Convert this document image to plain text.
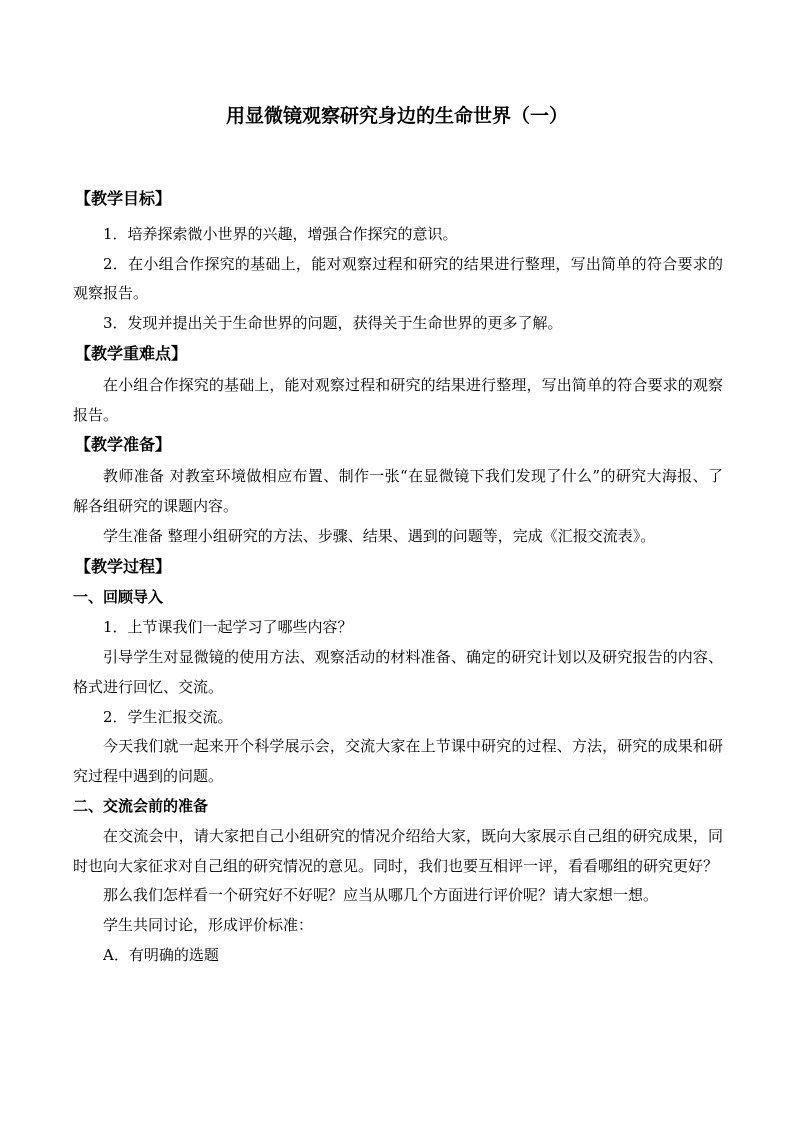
用显微镜观察研究身边的生命世界（一）

【教学目标】

1．培养探索微小世界的兴趣，增强合作探究的意识。

2．在小组合作探究的基础上，能对观察过程和研究的结果进行整理，写出简单的符合要求的观察报告。

3．发现并提出关于生命世界的问题，获得关于生命世界的更多了解。

【教学重难点】

在小组合作探究的基础上，能对观察过程和研究的结果进行整理，写出简单的符合要求的观察报告。

【教学准备】

教师准备 对教室环境做相应布置、制作一张“在显微镜下我们发现了什么”的研究大海报、了解各组研究的课题内容。

学生准备 整理小组研究的方法、步骤、结果、遇到的问题等，完成《汇报交流表》。

【教学过程】

一、回顾导入

1．上节课我们一起学习了哪些内容？

引导学生对显微镜的使用方法、观察活动的材料准备、确定的研究计划以及研究报告的内容、格式进行回忆、交流。

2．学生汇报交流。

今天我们就一起来开个科学展示会，交流大家在上节课中研究的过程、方法，研究的成果和研究过程中遇到的问题。

二、交流会前的准备

在交流会中，请大家把自己小组研究的情况介绍给大家，既向大家展示自己组的研究成果，同时也向大家征求对自己组的研究情况的意见。同时，我们也要互相评一评，看看哪组的研究更好？

那么我们怎样看一个研究好不好呢？应当从哪几个方面进行评价呢？请大家想一想。

学生共同讨论，形成评价标准：

A．有明确的选题
